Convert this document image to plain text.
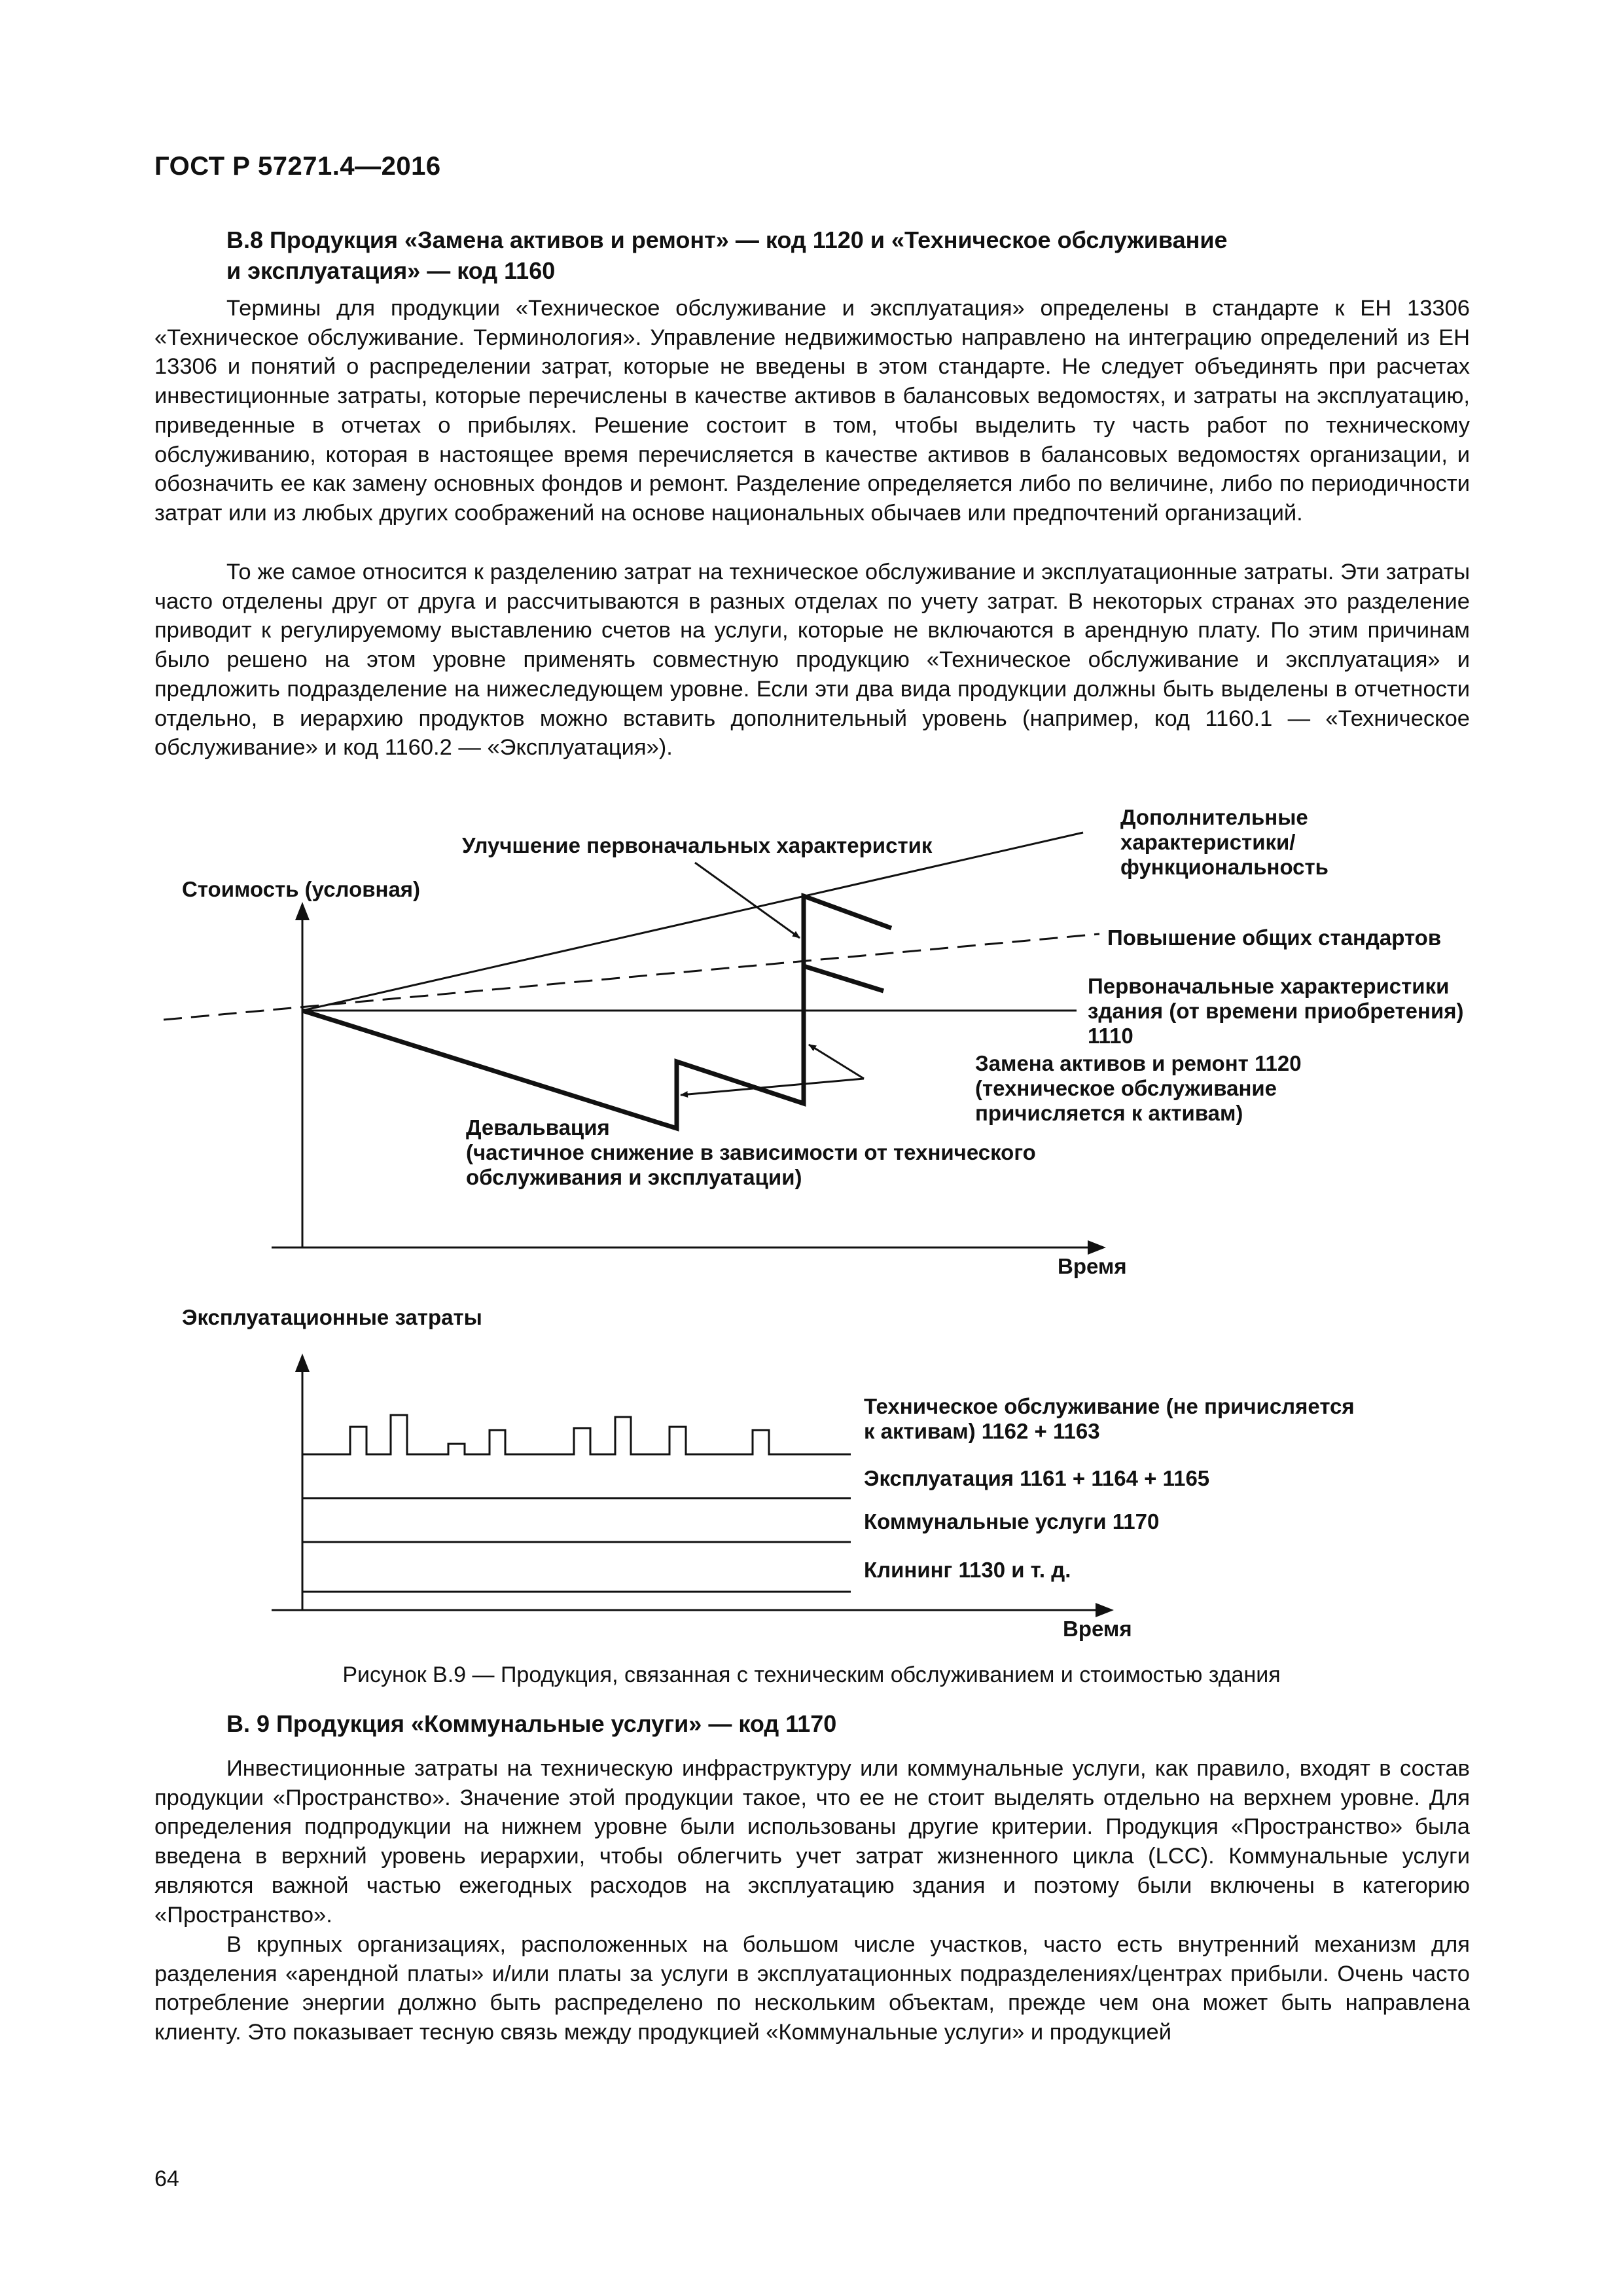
ГОСТ Р 57271.4—2016
В.8 Продукция «Замена активов и ремонт» — код 1120 и «Техническое обслуживание
и эксплуатация» — код 1160
Термины для продукции «Техническое обслуживание и эксплуатация» определены в стандарте к ЕН 13306 «Техническое обслуживание. Терминология». Управление недвижимостью направлено на интеграцию определений из ЕН 13306 и понятий о распределении затрат, которые не введены в этом стандарте. Не следует объединять при расчетах инвестиционные затраты, которые перечислены в качестве активов в балансовых ведомостях, и затраты на эксплуатацию, приведенные в отчетах о прибылях. Решение состоит в том, чтобы выделить ту часть работ по техническому обслуживанию, которая в настоящее время перечисляется в качестве активов в балансовых ведомостях организации, и обозначить ее как замену основных фондов и ремонт. Разделение определяется либо по величине, либо по периодичности затрат или из любых других соображений на основе национальных обычаев или предпочтений организаций.
То же самое относится к разделению затрат на техническое обслуживание и эксплуатационные затраты. Эти затраты часто отделены друг от друга и рассчитываются в разных отделах по учету затрат. В некоторых странах это разделение приводит к регулируемому выставлению счетов на услуги, которые не включаются в арендную плату. По этим причинам было решено на этом уровне применять совместную продукцию «Техническое обслуживание и эксплуатация» и предложить подразделение на нижеследующем уровне. Если эти два вида продукции должны быть выделены в отчетности отдельно, в иерархию продуктов можно вставить дополнительный уровень (например, код 1160.1 — «Техническое обслуживание» и код 1160.2 — «Эксплуатация»).
Стоимость (условная)
Улучшение первоначальных характеристик
Дополнительные
характеристики/
функциональность
Повышение общих стандартов
Первоначальные характеристики
здания (от времени приобретения)
1110
Замена активов и ремонт 1120
(техническое обслуживание
причисляется к активам)
Девальвация
(частичное снижение в зависимости от технического
обслуживания и эксплуатации)
Время
Эксплуатационные затраты
Техническое обслуживание (не причисляется
к активам) 1162 + 1163
Эксплуатация 1161 + 1164 + 1165
Коммунальные услуги 1170
Клининг 1130 и т. д.
Время
Рисунок В.9 — Продукция, связанная с техническим обслуживанием и стоимостью здания
В. 9 Продукция «Коммунальные услуги» — код 1170
Инвестиционные затраты на техническую инфраструктуру или коммунальные услуги, как правило, входят в состав продукции «Пространство». Значение этой продукции такое, что ее не стоит выделять отдельно на верхнем уровне. Для определения подпродукции на нижнем уровне были использованы другие критерии. Продукция «Пространство» была введена в верхний уровень иерархии, чтобы облегчить учет затрат жизненного цикла (LCC). Коммунальные услуги являются важной частью ежегодных расходов на эксплуатацию здания и поэтому были включены в категорию «Пространство».
В крупных организациях, расположенных на большом числе участков, часто есть внутренний механизм для разделения «арендной платы» и/или платы за услуги в эксплуатационных подразделениях/центрах прибыли. Очень часто потребление энергии должно быть распределено по нескольким объектам, прежде чем она может быть направлена клиенту. Это показывает тесную связь между продукцией «Коммунальные услуги» и продукцией
64
